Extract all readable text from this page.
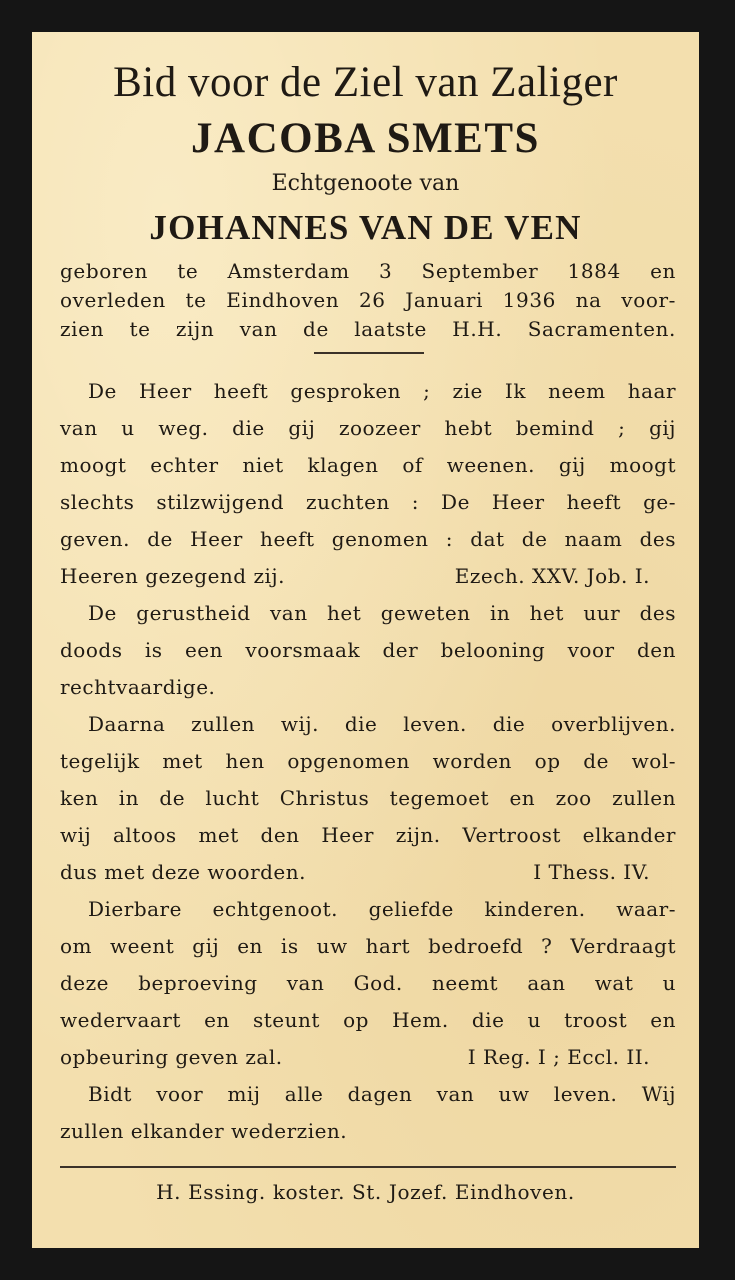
Bid voor de Ziel van Zaliger
JACOBA SMETS
Echtgenoote van
JOHANNES VAN DE VEN
geboren te Amsterdam 3 September 1884 en
overleden te Eindhoven 26 Januari 1936 na voor-
zien te zijn van de laatste H.H. Sacramenten.
De Heer heeft gesproken ; zie Ik neem haar
van u weg. die gij zoozeer hebt bemind ; gij
moogt echter niet klagen of weenen. gij moogt
slechts stilzwijgend zuchten : De Heer heeft ge-
geven. de Heer heeft genomen : dat de naam des
Heeren gezegend zij.	Ezech. XXV. Job. I.
De gerustheid van het geweten in het uur des
doods is een voorsmaak der belooning voor den
rechtvaardige.
Daarna zullen wij. die leven. die overblijven.
tegelijk met hen opgenomen worden op de wol-
ken in de lucht Christus tegemoet en zoo zullen
wij altoos met den Heer zijn. Vertroost elkander
dus met deze woorden.	I Thess. IV.
Dierbare echtgenoot. geliefde kinderen. waar-
om weent gij en is uw hart bedroefd ? Verdraagt
deze beproeving van God. neemt aan wat u
wedervaart en steunt op Hem. die u troost en
opbeuring geven zal.	I Reg. I ; Eccl. II.
Bidt voor mij alle dagen van uw leven. Wij
zullen elkander wederzien.
H. Essing. koster. St. Jozef. Eindhoven.
